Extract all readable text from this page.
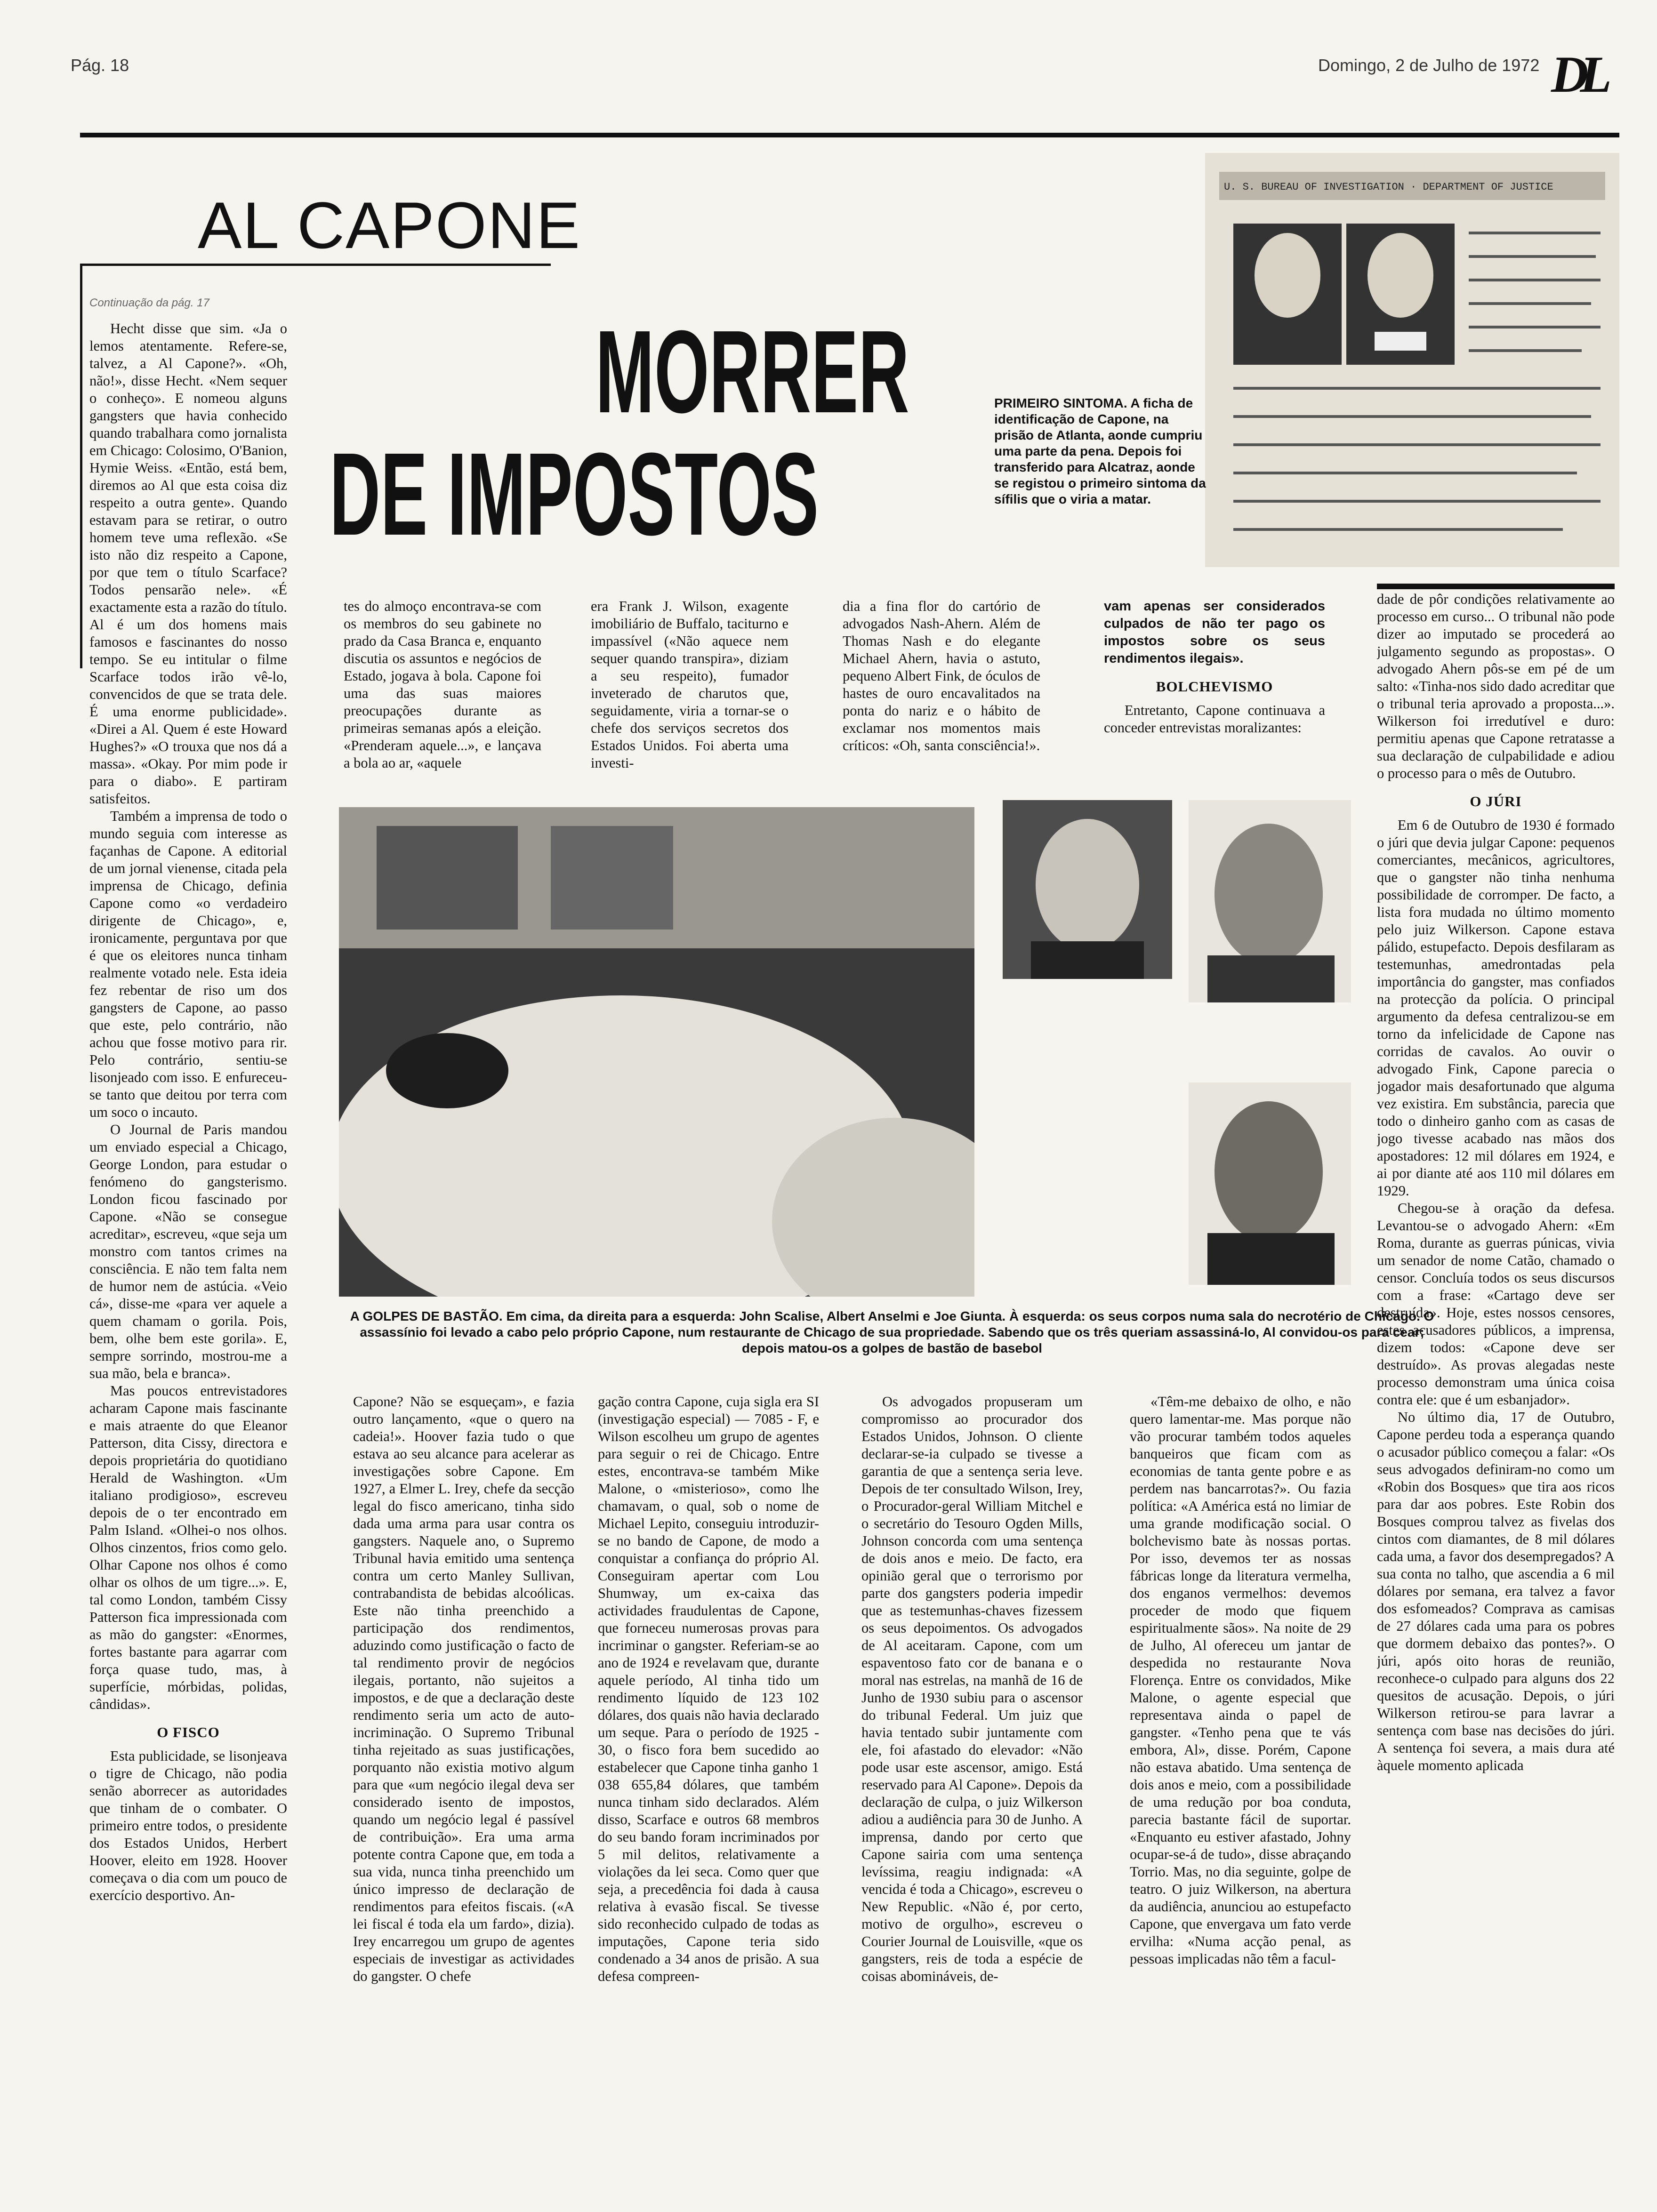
Pág. 18	Domingo, 2 de Julho de 1972 DL
AL CAPONE
Continuação da pág. 17
MORRER
DE IMPOSTOS
U. S. BUREAU OF INVESTIGATION · DEPARTMENT OF JUSTICE
PRIMEIRO SINTOMA. A ficha de identificação de Capone, na prisão de Atlanta, aonde cumpriu uma parte da pena. Depois foi transferido para Alcatraz, aonde se registou o primeiro sintoma da sífilis que o viria a matar.
A GOLPES DE BASTÃO. Em cima, da direita para a esquerda: John Scalise, Albert Anselmi e Joe Giunta. À esquerda: os seus corpos numa sala do necrotério de Chicago. O assassínio foi levado a cabo pelo próprio Capone, num restaurante de Chicago de sua propriedade. Sabendo que os três queriam assassiná-lo, Al convidou-os para cear; depois matou-os a golpes de bastão de basebol

Hecht disse que sim. «Ja o lemos atentamente. Refere-se, talvez, a Al Capone?». «Oh, não!», disse Hecht. «Nem sequer o conheço». E nomeou alguns gangsters que havia conhecido quando trabalhara como jornalista em Chicago: Colosimo, O'Banion, Hymie Weiss. «Então, está bem, diremos ao Al que esta coisa diz respeito a outra gente». Quando estavam para se retirar, o outro homem teve uma reflexão. «Se isto não diz respeito a Capone, por que tem o título Scarface? Todos pensarão nele». «É exactamente esta a razão do título. Al é um dos homens mais famosos e fascinantes do nosso tempo. Se eu intitular o filme Scarface todos irão vê-lo, convencidos de que se trata dele. É uma enorme publicidade». «Direi a Al. Quem é este Howard Hughes?» «O trouxa que nos dá a massa». «Okay. Por mim pode ir para o diabo». E partiram satisfeitos.

Também a imprensa de todo o mundo seguia com interesse as façanhas de Capone. A editorial de um jornal vienense, citada pela imprensa de Chicago, definia Capone como «o verdadeiro dirigente de Chicago», e, ironicamente, perguntava por que é que os eleitores nunca tinham realmente votado nele. Esta ideia fez rebentar de riso um dos gangsters de Capone, ao passo que este, pelo contrário, não achou que fosse motivo para rir. Pelo contrário, sentiu-se lisonjeado com isso. E enfureceu-se tanto que deitou por terra com um soco o incauto.

O Journal de Paris mandou um enviado especial a Chicago, George London, para estudar o fenómeno do gangsterismo. London ficou fascinado por Capone. «Não se consegue acreditar», escreveu, «que seja um monstro com tantos crimes na consciência. E não tem falta nem de humor nem de astúcia. «Veio cá», disse-me «para ver aquele a quem chamam o gorila. Pois, bem, olhe bem este gorila». E, sempre sorrindo, mostrou-me a sua mão, bela e branca».

Mas poucos entrevistadores acharam Capone mais fascinante e mais atraente do que Eleanor Patterson, dita Cissy, directora e depois proprietária do quotidiano Herald de Washington. «Um italiano prodigioso», escreveu depois de o ter encontrado em Palm Island. «Olhei-o nos olhos. Olhos cinzentos, frios como gelo. Olhar Capone nos olhos é como olhar os olhos de um tigre...». E, tal como London, também Cissy Patterson fica impressionada com as mão do gangster: «Enormes, fortes bastante para agarrar com força quase tudo, mas, à superfície, mórbidas, polidas, cândidas».

O FISCO

Esta publicidade, se lisonjeava o tigre de Chicago, não podia senão aborrecer as autoridades que tinham de o combater. O primeiro entre todos, o presidente dos Estados Unidos, Herbert Hoover, eleito em 1928. Hoover começava o dia com um pouco de exercício desportivo. An-

tes do almoço encontrava-se com os membros do seu gabinete no prado da Casa Branca e, enquanto discutia os assuntos e negócios de Estado, jogava à bola. Capone foi uma das suas maiores preocupações durante as primeiras semanas após a eleição. «Prenderam aquele...», e lançava a bola ao ar, «aquele

era Frank J. Wilson, exagente imobiliário de Buffalo, taciturno e impassível («Não aquece nem sequer quando transpira», diziam a seu respeito), fumador inveterado de charutos que, seguidamente, viria a tornar-se o chefe dos serviços secretos dos Estados Unidos. Foi aberta uma investi-

dia a fina flor do cartório de advogados Nash-Ahern. Além de Thomas Nash e do elegante Michael Ahern, havia o astuto, pequeno Albert Fink, de óculos de hastes de ouro encavalitados na ponta do nariz e o hábito de exclamar nos momentos mais críticos: «Oh, santa consciência!».

vam apenas ser considerados culpados de não ter pago os impostos sobre os seus rendimentos ilegais».

BOLCHEVISMO

Entretanto, Capone continuava a conceder entrevistas moralizantes:

dade de pôr condições relativamente ao processo em curso... O tribunal não pode dizer ao imputado se procederá ao julgamento segundo as propostas». O advogado Ahern pôs-se em pé de um salto: «Tinha-nos sido dado acreditar que o tribunal teria aprovado a proposta...». Wilkerson foi irredutível e duro: permitiu apenas que Capone retratasse a sua declaração de culpabilidade e adiou o processo para o mês de Outubro.

O JÚRI

Em 6 de Outubro de 1930 é formado o júri que devia julgar Capone: pequenos comerciantes, mecânicos, agricultores, que o gangster não tinha nenhuma possibilidade de corromper. De facto, a lista fora mudada no último momento pelo juiz Wilkerson. Capone estava pálido, estupefacto. Depois desfilaram as testemunhas, amedrontadas pela importância do gangster, mas confiados na protecção da polícia. O principal argumento da defesa centralizou-se em torno da infelicidade de Capone nas corridas de cavalos. Ao ouvir o advogado Fink, Capone parecia o jogador mais desafortunado que alguma vez existira. Em substância, parecia que todo o dinheiro ganho com as casas de jogo tivesse acabado nas mãos dos apostadores: 12 mil dólares em 1924, e ai por diante até aos 110 mil dólares em 1929.

Chegou-se à oração da defesa. Levantou-se o advogado Ahern: «Em Roma, durante as guerras púnicas, vivia um senador de nome Catão, chamado o censor. Concluía todos os seus discursos com a frase: «Cartago deve ser destruída». Hoje, estes nossos censores, estes acusadores públicos, a imprensa, dizem todos: «Capone deve ser destruído». As provas alegadas neste processo demonstram uma única coisa contra ele: que é um esbanjador».

No último dia, 17 de Outubro, Capone perdeu toda a esperança quando o acusador público começou a falar: «Os seus advogados definiram-no como um «Robin dos Bosques» que tira aos ricos para dar aos pobres. Este Robin dos Bosques comprou talvez as fivelas dos cintos com diamantes, de 8 mil dólares cada uma, a favor dos desempregados? A sua conta no talho, que ascendia a 6 mil dólares por semana, era talvez a favor dos esfomeados? Comprava as camisas de 27 dólares cada uma para os pobres que dormem debaixo das pontes?». O júri, após oito horas de reunião, reconhece-o culpado para alguns dos 22 quesitos de acusação. Depois, o júri Wilkerson retirou-se para lavrar a sentença com base nas decisões do júri. A sentença foi severa, a mais dura até àquele momento aplicada

Capone? Não se esqueçam», e fazia outro lançamento, «que o quero na cadeia!». Hoover fazia tudo o que estava ao seu alcance para acelerar as investigações sobre Capone. Em 1927, a Elmer L. Irey, chefe da secção legal do fisco americano, tinha sido dada uma arma para usar contra os gangsters. Naquele ano, o Supremo Tribunal havia emitido uma sentença contra um certo Manley Sullivan, contrabandista de bebidas alcoólicas. Este não tinha preenchido a participação dos rendimentos, aduzindo como justificação o facto de tal rendimento provir de negócios ilegais, portanto, não sujeitos a impostos, e de que a declaração deste rendimento seria um acto de auto-incriminação. O Supremo Tribunal tinha rejeitado as suas justificações, porquanto não existia motivo algum para que «um negócio ilegal deva ser considerado isento de impostos, quando um negócio legal é passível de contribuição». Era uma arma potente contra Capone que, em toda a sua vida, nunca tinha preenchido um único impresso de declaração de rendimentos para efeitos fiscais. («A lei fiscal é toda ela um fardo», dizia). Irey encarregou um grupo de agentes especiais de investigar as actividades do gangster. O chefe

gação contra Capone, cuja sigla era SI (investigação especial) — 7085 - F, e Wilson escolheu um grupo de agentes para seguir o rei de Chicago. Entre estes, encontrava-se também Mike Malone, o «misterioso», como lhe chamavam, o qual, sob o nome de Michael Lepito, conseguiu introduzir-se no bando de Capone, de modo a conquistar a confiança do próprio Al. Conseguiram apertar com Lou Shumway, um ex-caixa das actividades fraudulentas de Capone, que forneceu numerosas provas para incriminar o gangster. Referiam-se ao ano de 1924 e revelavam que, durante aquele período, Al tinha tido um rendimento líquido de 123 102 dólares, dos quais não havia declarado um seque. Para o período de 1925 - 30, o fisco fora bem sucedido ao estabelecer que Capone tinha ganho 1 038 655,84 dólares, que também nunca tinham sido declarados. Além disso, Scarface e outros 68 membros do seu bando foram incriminados por 5 mil delitos, relativamente a violações da lei seca. Como quer que seja, a precedência foi dada à causa relativa à evasão fiscal. Se tivesse sido reconhecido culpado de todas as imputações, Capone teria sido condenado a 34 anos de prisão. A sua defesa compreen-

Os advogados propuseram um compromisso ao procurador dos Estados Unidos, Johnson. O cliente declarar-se-ia culpado se tivesse a garantia de que a sentença seria leve. Depois de ter consultado Wilson, Irey, o Procurador-geral William Mitchel e o secretário do Tesouro Ogden Mills, Johnson concorda com uma sentença de dois anos e meio. De facto, era opinião geral que o terrorismo por parte dos gangsters poderia impedir que as testemunhas-chaves fizessem os seus depoimentos. Os advogados de Al aceitaram. Capone, com um espaventoso fato cor de banana e o moral nas estrelas, na manhã de 16 de Junho de 1930 subiu para o ascensor do tribunal Federal. Um juiz que havia tentado subir juntamente com ele, foi afastado do elevador: «Não pode usar este ascensor, amigo. Está reservado para Al Capone». Depois da declaração de culpa, o juiz Wilkerson adiou a audiência para 30 de Junho. A imprensa, dando por certo que Capone sairia com uma sentença levíssima, reagiu indignada: «A vencida é toda a Chicago», escreveu o New Republic. «Não é, por certo, motivo de orgulho», escreveu o Courier Journal de Louisville, «que os gangsters, reis de toda a espécie de coisas abomináveis, de-

«Têm-me debaixo de olho, e não quero lamentar-me. Mas porque não vão procurar também todos aqueles banqueiros que ficam com as economias de tanta gente pobre e as perdem nas bancarrotas?». Ou fazia política: «A América está no limiar de uma grande modificação social. O bolchevismo bate às nossas portas. Por isso, devemos ter as nossas fábricas longe da literatura vermelha, dos enganos vermelhos: devemos proceder de modo que fiquem espiritualmente sãos». Na noite de 29 de Julho, Al ofereceu um jantar de despedida no restaurante Nova Florença. Entre os convidados, Mike Malone, o agente especial que representava ainda o papel de gangster. «Tenho pena que te vás embora, Al», disse. Porém, Capone não estava abatido. Uma sentença de dois anos e meio, com a possibilidade de uma redução por boa conduta, parecia bastante fácil de suportar. «Enquanto eu estiver afastado, Johny ocupar-se-á de tudo», disse abraçando Torrio. Mas, no dia seguinte, golpe de teatro. O juiz Wilkerson, na abertura da audiência, anunciou ao estupefacto Capone, que envergava um fato verde ervilha: «Numa acção penal, as pessoas implicadas não têm a facul-
